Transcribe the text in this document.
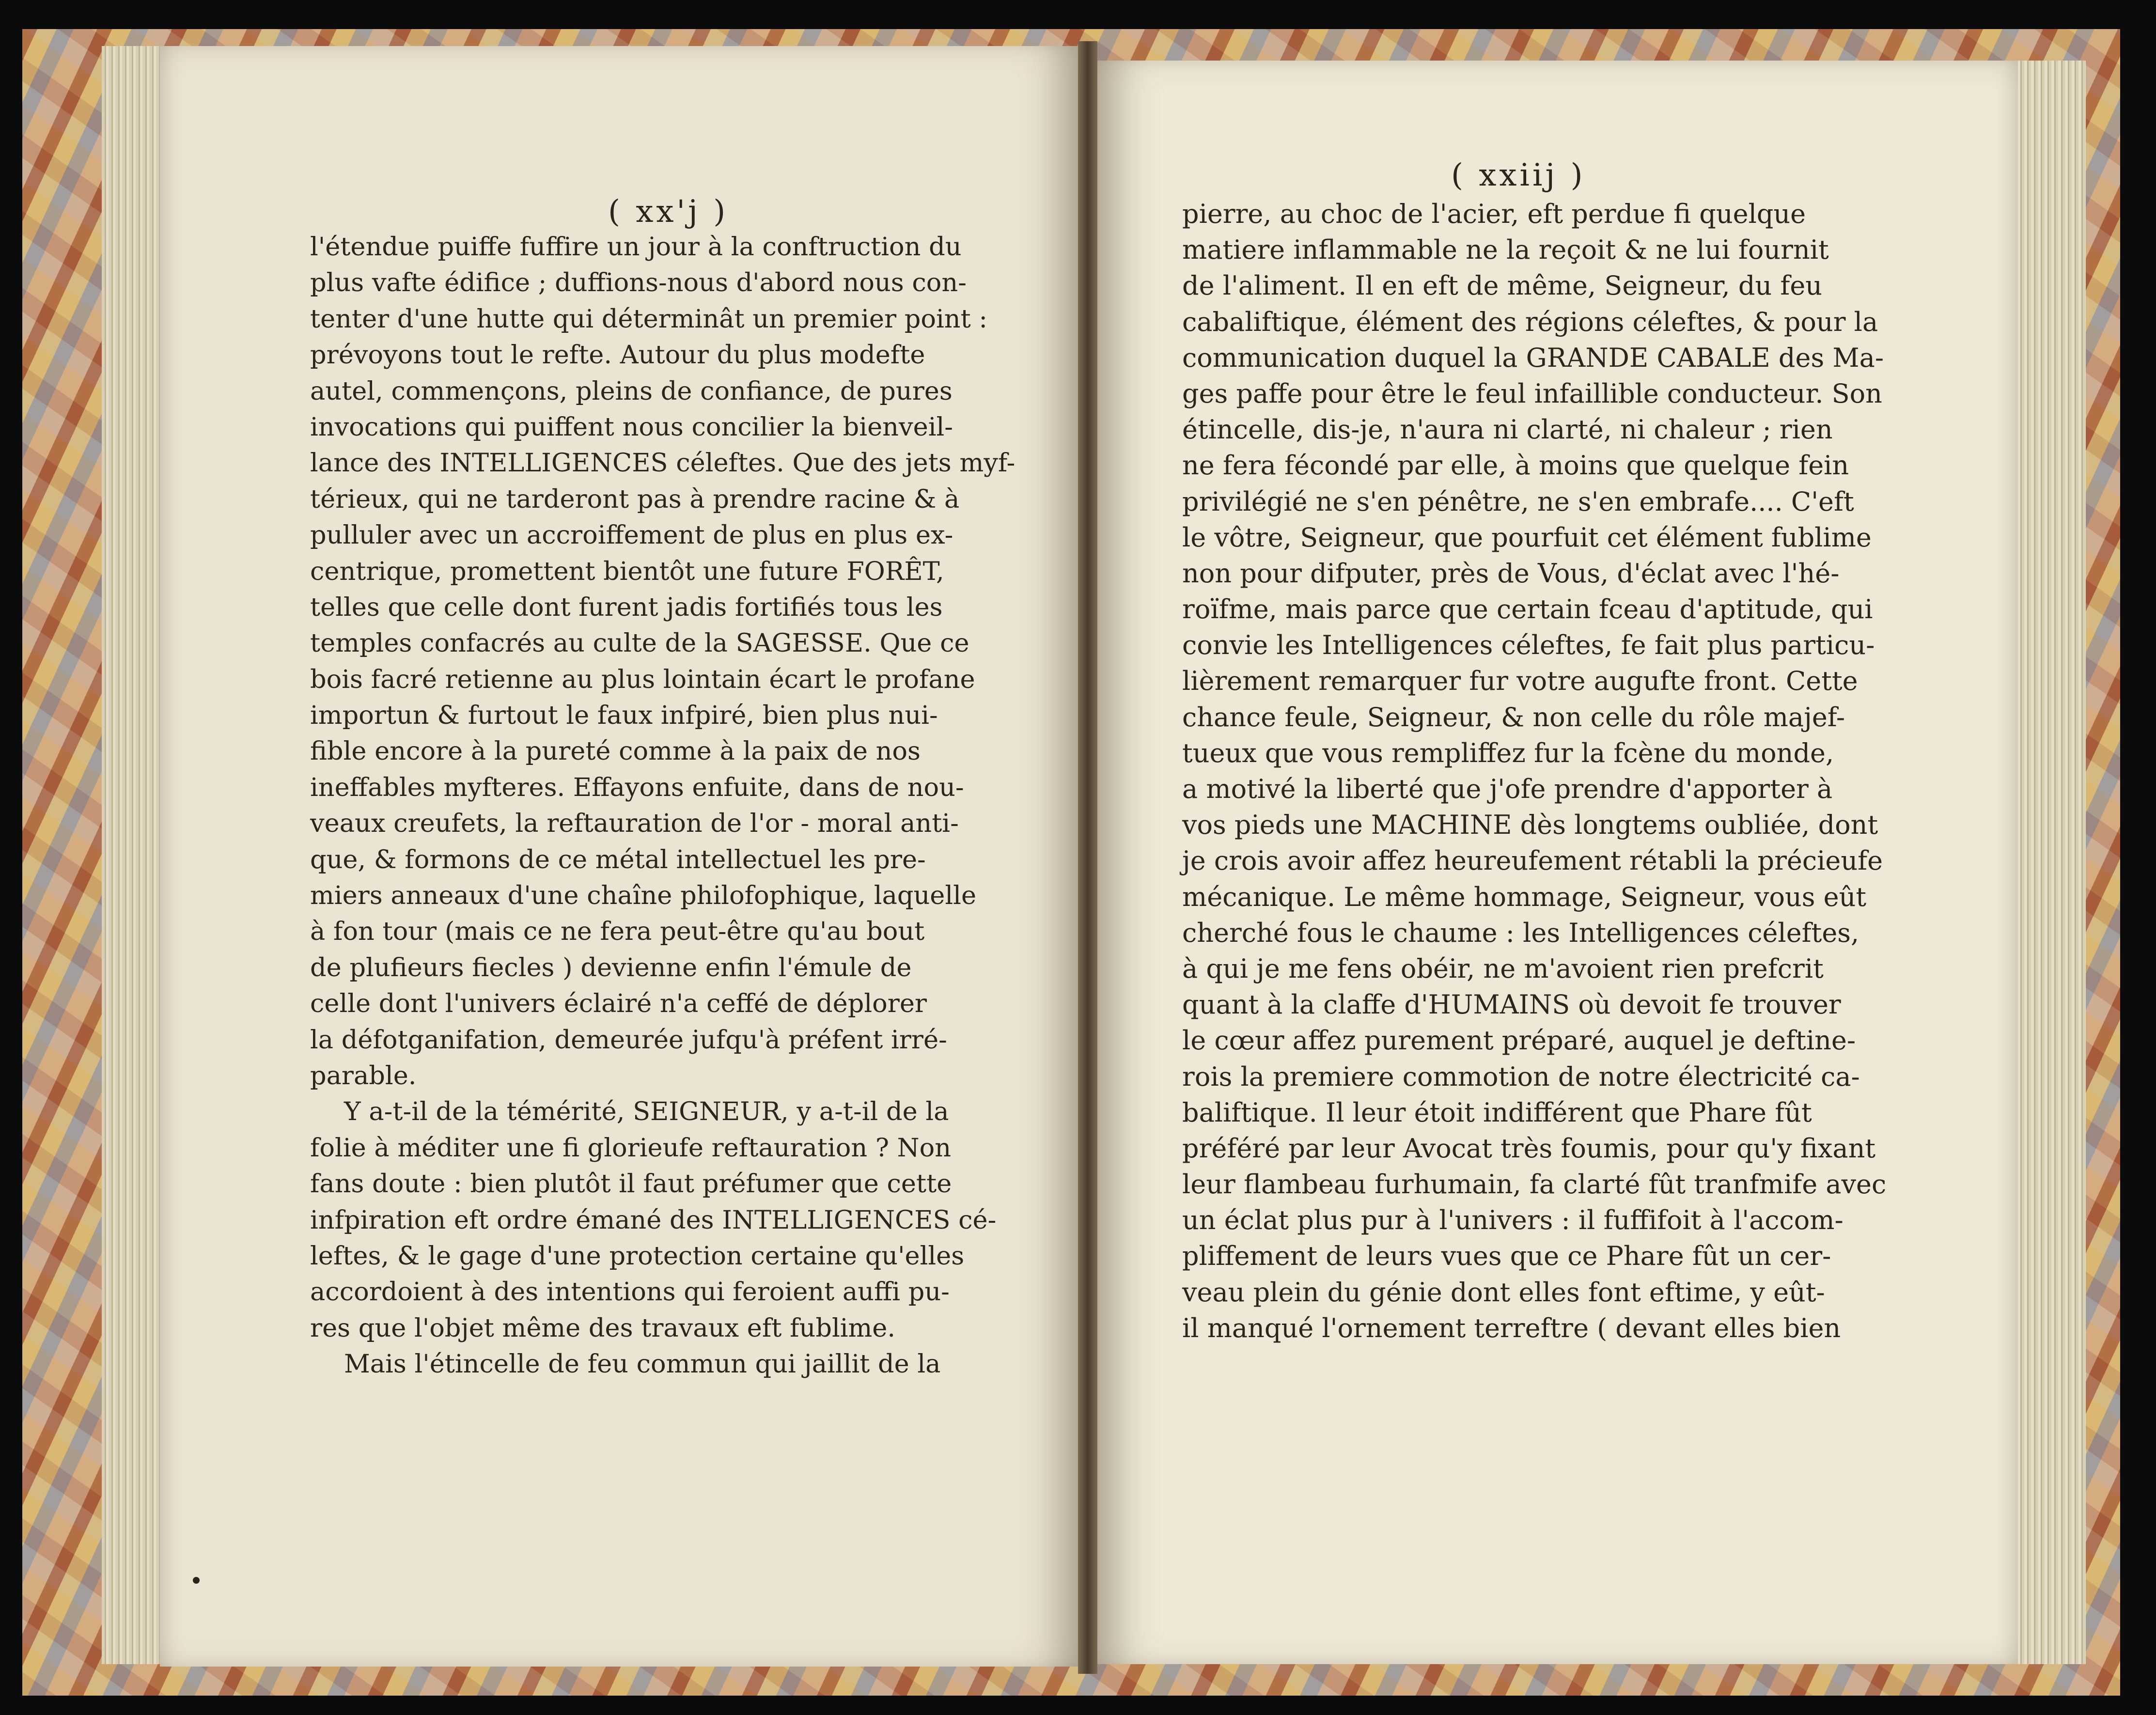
( xx'j )
l'étendue puiffe fuffire un jour à la conftruction du
plus vafte édifice ; duffions-nous d'abord nous con-
tenter d'une hutte qui déterminât un premier point :
prévoyons tout le refte. Autour du plus modefte
autel, commençons, pleins de confiance, de pures
invocations qui puiffent nous concilier la bienveil-
lance des INTELLIGENCES céleftes. Que des jets myf-
térieux, qui ne tarderont pas à prendre racine & à
pulluler avec un accroiffement de plus en plus ex-
centrique, promettent bientôt une future FORÊT,
telles que celle dont furent jadis fortifiés tous les
temples confacrés au culte de la SAGESSE. Que ce
bois facré retienne au plus lointain écart le profane
importun & furtout le faux infpiré, bien plus nui-
fible encore à la pureté comme à la paix de nos
ineffables myfteres. Effayons enfuite, dans de nou-
veaux creufets, la reftauration de l'or - moral anti-
que, & formons de ce métal intellectuel les pre-
miers anneaux d'une chaîne philofophique, laquelle
à fon tour (mais ce ne fera peut-être qu'au bout
de plufieurs fiecles ) devienne enfin l'émule de
celle dont l'univers éclairé n'a ceffé de déplorer
la défotganifation, demeurée jufqu'à préfent irré-
parable.
Y a-t-il de la témérité, SEIGNEUR, y a-t-il de la
folie à méditer une fi glorieufe reftauration ? Non
fans doute : bien plutôt il faut préfumer que cette
infpiration eft ordre émané des INTELLIGENCES cé-
leftes, & le gage d'une protection certaine qu'elles
accordoient à des intentions qui feroient auffi pu-
res que l'objet même des travaux eft fublime.
Mais l'étincelle de feu commun qui jaillit de la
( xxiij )
pierre, au choc de l'acier, eft perdue fi quelque
matiere inflammable ne la reçoit & ne lui fournit
de l'aliment. Il en eft de même, Seigneur, du feu
cabaliftique, élément des régions céleftes, & pour la
communication duquel la GRANDE CABALE des Ma-
ges paffe pour être le feul infaillible conducteur. Son
étincelle, dis-je, n'aura ni clarté, ni chaleur ; rien
ne fera fécondé par elle, à moins que quelque fein
privilégié ne s'en pénêtre, ne s'en embrafe.... C'eft
le vôtre, Seigneur, que pourfuit cet élément fublime
non pour difputer, près de Vous, d'éclat avec l'hé-
roïfme, mais parce que certain fceau d'aptitude, qui
convie les Intelligences céleftes, fe fait plus particu-
lièrement remarquer fur votre augufte front. Cette
chance feule, Seigneur, & non celle du rôle majef-
tueux que vous rempliffez fur la fcène du monde,
a motivé la liberté que j'ofe prendre d'apporter à
vos pieds une MACHINE dès longtems oubliée, dont
je crois avoir affez heureufement rétabli la précieufe
mécanique. Le même hommage, Seigneur, vous eût
cherché fous le chaume : les Intelligences céleftes,
à qui je me fens obéir, ne m'avoient rien prefcrit
quant à la claffe d'HUMAINS où devoit fe trouver
le cœur affez purement préparé, auquel je deftine-
rois la premiere commotion de notre électricité ca-
baliftique. Il leur étoit indifférent que Phare fût
préféré par leur Avocat très foumis, pour qu'y fixant
leur flambeau furhumain, fa clarté fût tranfmife avec
un éclat plus pur à l'univers : il fuffifoit à l'accom-
pliffement de leurs vues que ce Phare fût un cer-
veau plein du génie dont elles font eftime, y eût-
il manqué l'ornement terreftre ( devant elles bien
